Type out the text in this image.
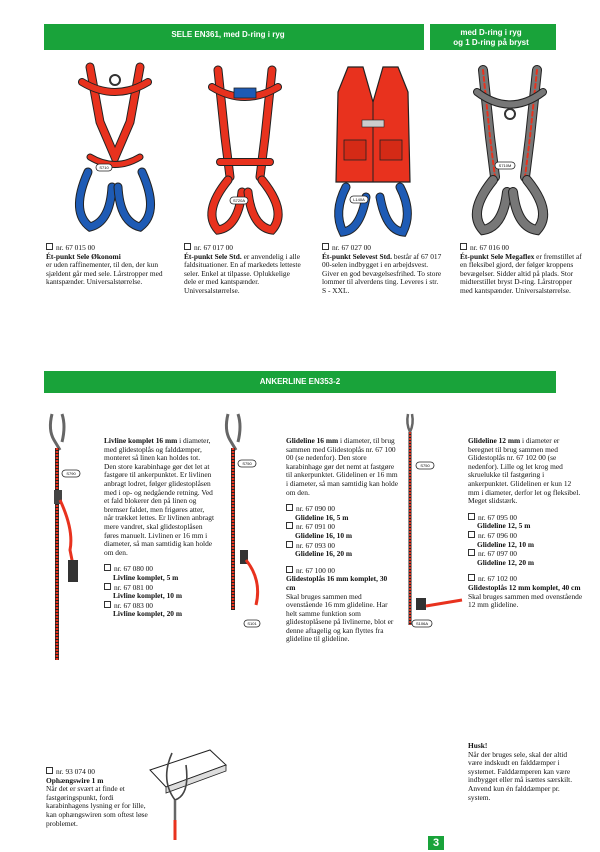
SELE EN361, med D-ring i ryg	med D-ring i ryg
og 1 D-ring på bryst
ANKERLINE EN353-2
S710
S720A	L140A
S710M

nr. 67 015 00

Ét-punkt Sele Økonomi

er uden raffinementer, til den, der kun sjældent går med sele. Lårstropper med kantspænder. Universalstørrelse.

nr. 67 017 00

Ét-punkt Sele Std. er anvendelig i alle faldsituationer. En af markedets letteste seler. Enkel at tilpasse. Oplukkelige dele er med kantspænder. Universalstørrelse.

nr. 67 027 00

Ét-punkt Selevest Std. består af 67 017 00-selen indbygget i en arbejdsvest. Giver en god bevægelsesfrihed. To store lommer til alverdens ting. Leveres i str. S - XXL.

nr. 67 016 00

Ét-punkt Sele Megaflex er fremstillet af en fleksibel gjord, der følger kroppens bevægelser. Sidder altid på plads. Stor midterstillet bryst D-ring. Lårstropper med kantspænder. Universalstørrelse.

S790
S750
S101
S750
S106A

Livline komplet 16 mm i diameter, med glidestoplås og falddæmper, monteret så linen kan holdes tot. Den store karabinhage gør det let at fastgøre til ankerpunktet. Er livlinen anbragt lodret, følger glidestoplåsen med i op- og nedgående retning. Ved et fald blokerer den på linen og bremser faldet, men frigøres atter, når trækket lettes. Er livlinen anbragt mere vandret, skal glidestoplåsen føres manuelt. Livlinen er 16 mm i diameter, så man samtidig kan holde om den.

nr. 67 080 00
Livline komplet, 5 m
nr. 67 081 00
Livline komplet, 10 m
nr. 67 083 00
Livline komplet, 20 m

Glideline 16 mm i diameter, til brug sammen med Glidestoplås nr. 67 100 00 (se nedenfor). Den store karabinhage gør det nemt at fastgøre til ankerpunktet. Glidelinen er 16 mm i diameter, så man samtidig kan holde om den.

nr. 67 090 00
Glideline 16, 5 m
nr. 67 091 00
Glideline 16, 10 m
nr. 67 093 00
Glideline 16, 20 m
nr. 67 100 00
Glidestoplås 16 mm komplet, 30 cm
Skal bruges sammen med ovenstående 16 mm glideline. Har helt samme funktion som glidestoplåsene på livlinerne, blot er denne aftagelig og kan flyttes fra glideline til glideline.

Glideline 12 mm i diameter er beregnet til brug sammen med Glidestoplås nr. 67 102 00 (se nedenfor). Lille og let krog med skruelukke til fastgøring i ankerpunktet. Glidelinen er kun 12 mm i diameter, derfor let og fleksibel. Meget slidstærk.

nr. 67 095 00
Glideline 12, 5 m
nr. 67 096 00
Glideline 12, 10 m
nr. 67 097 00
Glideline 12, 20 m
nr. 67 102 00
Glidestoplås 12 mm komplet, 40 cm
Skal bruges sammen med ovenstående 12 mm glideline.

nr. 93 074 00

Ophængswire 1 m

Når det er svært at finde et fastgøringspunkt, fordi karabinhagens lysning er for lille, kan ophængswiren som oftest løse problemet.

Husk!

Når der bruges sele, skal der altid være indskudt en falddæmper i systemet. Falddæmperen kan være indbygget eller må isættes særskilt. Anvend kun én falddæmper pr. system.

3
